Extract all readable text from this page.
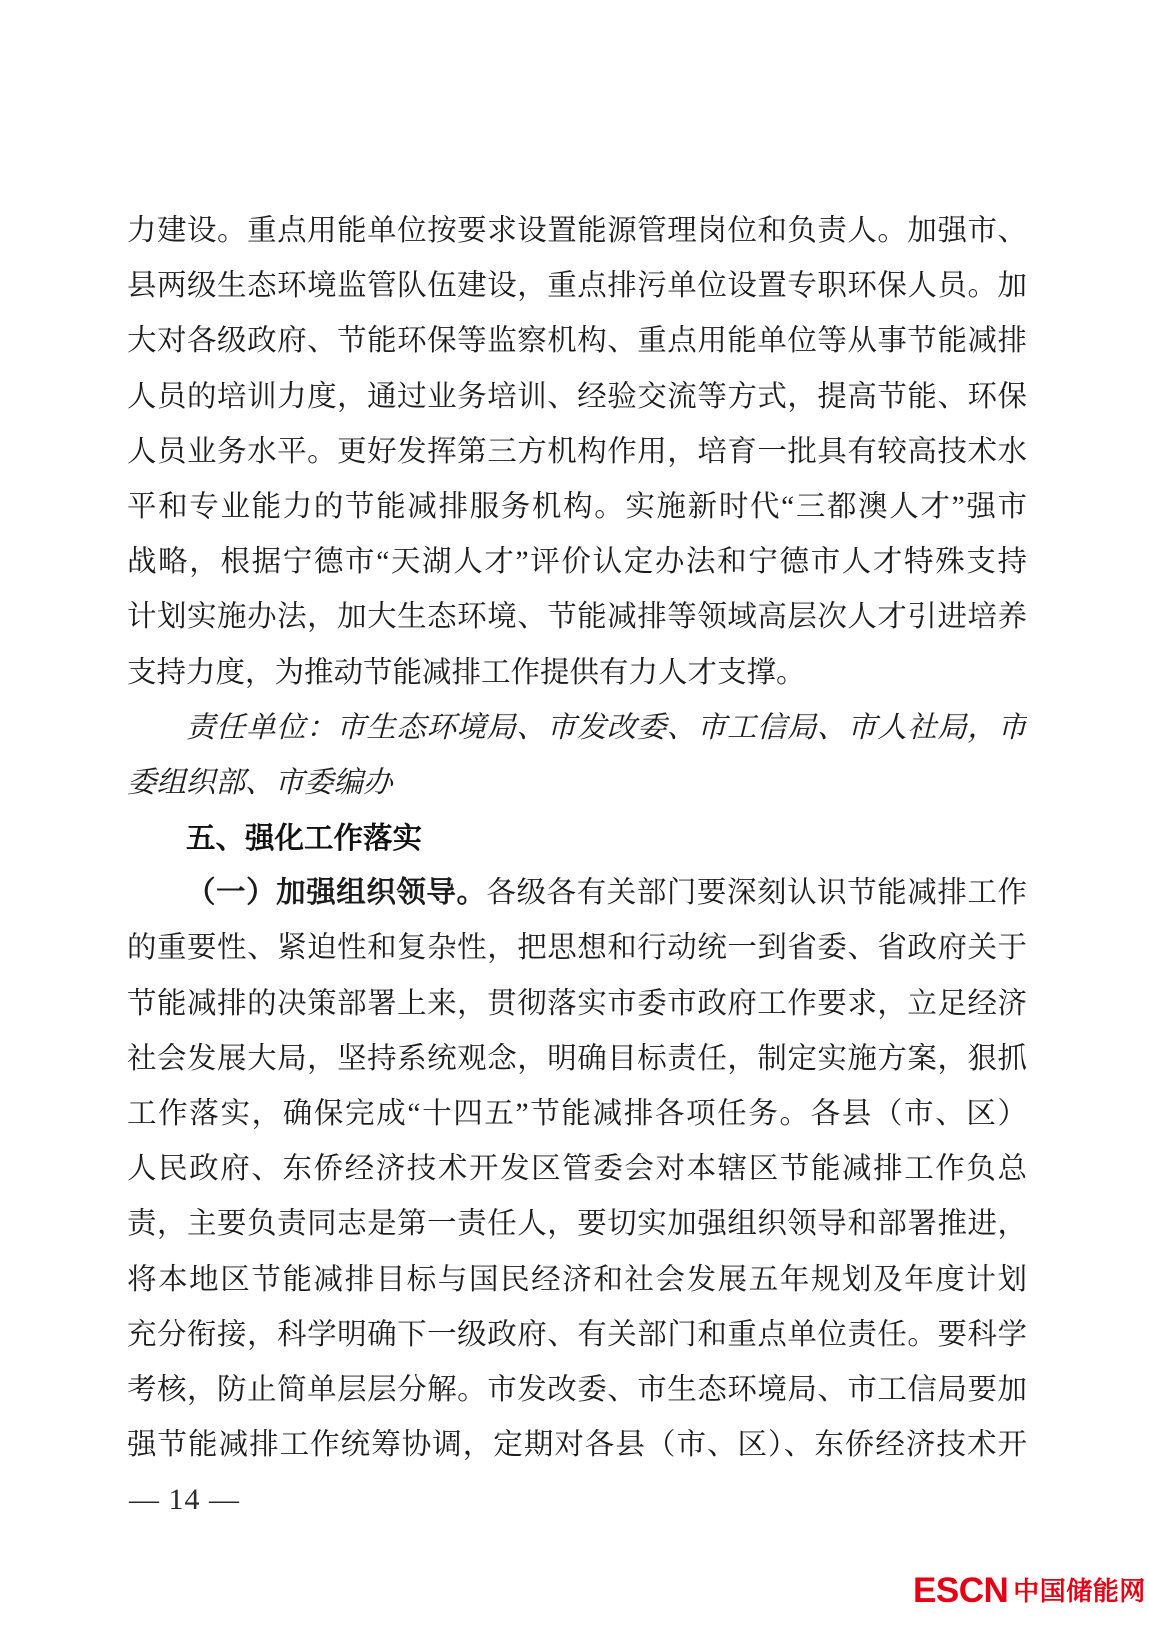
力建设。重点用能单位按要求设置能源管理岗位和负责人。加强市、
县两级生态环境监管队伍建设，重点排污单位设置专职环保人员。加
大对各级政府、节能环保等监察机构、重点用能单位等从事节能减排
人员的培训力度，通过业务培训、经验交流等方式，提高节能、环保
人员业务水平。更好发挥第三方机构作用，培育一批具有较高技术水
平和专业能力的节能减排服务机构。实施新时代“三都澳人才”强市
战略，根据宁德市“天湖人才”评价认定办法和宁德市人才特殊支持
计划实施办法，加大生态环境、节能减排等领域高层次人才引进培养
支持力度，为推动节能减排工作提供有力人才支撑。
责任单位：市生态环境局、市发改委、市工信局、市人社局，市
委组织部、市委编办
五、强化工作落实
（一）加强组织领导。各级各有关部门要深刻认识节能减排工作
的重要性、紧迫性和复杂性，把思想和行动统一到省委、省政府关于
节能减排的决策部署上来，贯彻落实市委市政府工作要求，立足经济
社会发展大局，坚持系统观念，明确目标责任，制定实施方案，狠抓
工作落实，确保完成“十四五”节能减排各项任务。各县（市、区）
人民政府、东侨经济技术开发区管委会对本辖区节能减排工作负总
责，主要负责同志是第一责任人，要切实加强组织领导和部署推进，
将本地区节能减排目标与国民经济和社会发展五年规划及年度计划
充分衔接，科学明确下一级政府、有关部门和重点单位责任。要科学
考核，防止简单层层分解。市发改委、市生态环境局、市工信局要加
强节能减排工作统筹协调，定期对各县（市、区）、东侨经济技术开
— 14 —
ESCN 中国储能网
